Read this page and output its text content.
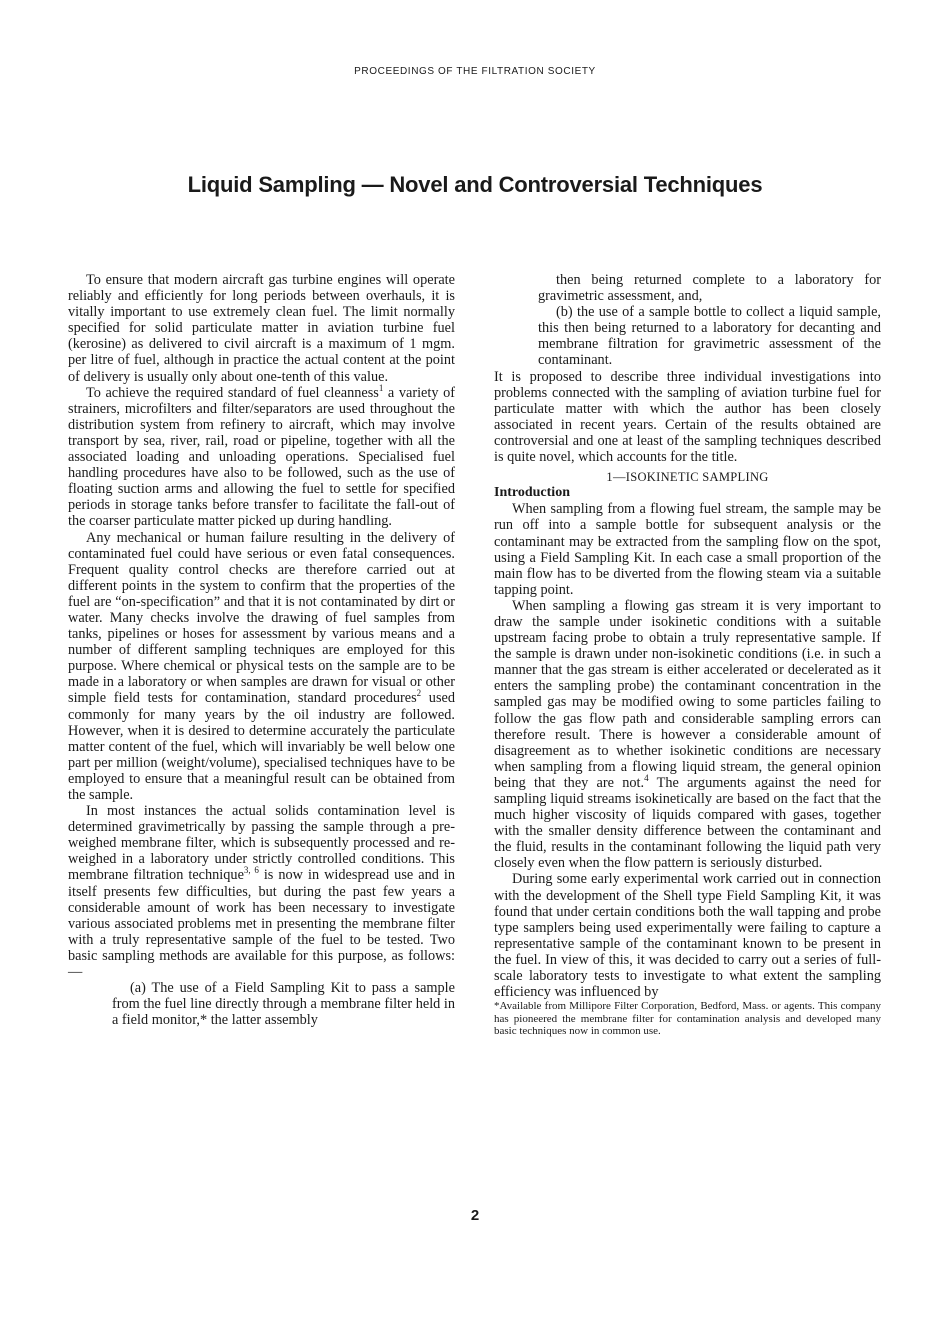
PROCEEDINGS OF THE FILTRATION SOCIETY
Liquid Sampling — Novel and Controversial Techniques

To ensure that modern aircraft gas turbine engines will operate reliably and efficiently for long periods between overhauls, it is vitally important to use extremely clean fuel. The limit normally specified for solid particulate matter in aviation turbine fuel (kerosine) as delivered to civil aircraft is a maximum of 1 mgm. per litre of fuel, although in practice the actual content at the point of delivery is usually only about one-tenth of this value.

To achieve the required standard of fuel cleanness$^1$ a variety of strainers, microfilters and filter/separators are used throughout the distribution system from refinery to aircraft, which may involve transport by sea, river, rail, road or pipeline, together with all the associated loading and unloading operations. Specialised fuel handling procedures have also to be followed, such as the use of floating suction arms and allowing the fuel to settle for specified periods in storage tanks before transfer to facilitate the fall-out of the coarser particulate matter picked up during handling.

Any mechanical or human failure resulting in the delivery of contaminated fuel could have serious or even fatal consequences. Frequent quality control checks are therefore carried out at different points in the system to confirm that the properties of the fuel are “on-specification” and that it is not contaminated by dirt or water. Many checks involve the drawing of fuel samples from tanks, pipelines or hoses for assessment by various means and a number of different sampling techniques are employed for this purpose. Where chemical or physical tests on the sample are to be made in a laboratory or when samples are drawn for visual or other simple field tests for contamination, standard procedures$^2$ used commonly for many years by the oil industry are followed. However, when it is desired to determine accurately the particulate matter content of the fuel, which will invariably be well below one part per million (weight/volume), specialised techniques have to be employed to ensure that a meaningful result can be obtained from the sample.

In most instances the actual solids contamination level is determined gravimetrically by passing the sample through a pre-weighed membrane filter, which is subsequently processed and re-weighed in a laboratory under strictly controlled conditions. This membrane filtration technique$^{3, 6}$ is now in widespread use and in itself presents few difficulties, but during the past few years a considerable amount of work has been necessary to investigate various associated problems met in presenting the membrane filter with a truly representative sample of the fuel to be tested. Two basic sampling methods are available for this purpose, as follows:—

(a) The use of a Field Sampling Kit to pass a sample from the fuel line directly through a membrane filter held in a field monitor,* the latter assembly

then being returned complete to a laboratory for gravimetric assessment, and,

(b) the use of a sample bottle to collect a liquid sample, this then being returned to a laboratory for decanting and membrane filtration for gravimetric assessment of the contaminant.

It is proposed to describe three individual investigations into problems connected with the sampling of aviation turbine fuel for particulate matter with which the author has been closely associated in recent years. Certain of the results obtained are controversial and one at least of the sampling techniques described is quite novel, which accounts for the title.

1—ISOKINETIC SAMPLING
Introduction

When sampling from a flowing fuel stream, the sample may be run off into a sample bottle for subsequent analysis or the contaminant may be extracted from the sampling flow on the spot, using a Field Sampling Kit. In each case a small proportion of the main flow has to be diverted from the flowing steam via a suitable tapping point.

When sampling a flowing gas stream it is very important to draw the sample under isokinetic conditions with a suitable upstream facing probe to obtain a truly representative sample. If the sample is drawn under non-isokinetic conditions (i.e. in such a manner that the gas stream is either accelerated or decelerated as it enters the sampling probe) the contaminant concentration in the sampled gas may be modified owing to some particles failing to follow the gas flow path and considerable sampling errors can therefore result. There is however a considerable amount of disagreement as to whether isokinetic conditions are necessary when sampling from a flowing liquid stream, the general opinion being that they are not.$^4$ The arguments against the need for sampling liquid streams isokinetically are based on the fact that the much higher viscosity of liquids compared with gases, together with the smaller density difference between the contaminant and the fluid, results in the contaminant following the liquid path very closely even when the flow pattern is seriously disturbed.

During some early experimental work carried out in connection with the development of the Shell type Field Sampling Kit, it was found that under certain conditions both the wall tapping and probe type samplers being used experimentally were failing to capture a representative sample of the contaminant known to be present in the fuel. In view of this, it was decided to carry out a series of full-scale laboratory tests to investigate to what extent the sampling efficiency was influenced by

*Available from Millipore Filter Corporation, Bedford, Mass. or agents. This company has pioneered the membrane filter for contamination analysis and developed many basic techniques now in common use.

2
